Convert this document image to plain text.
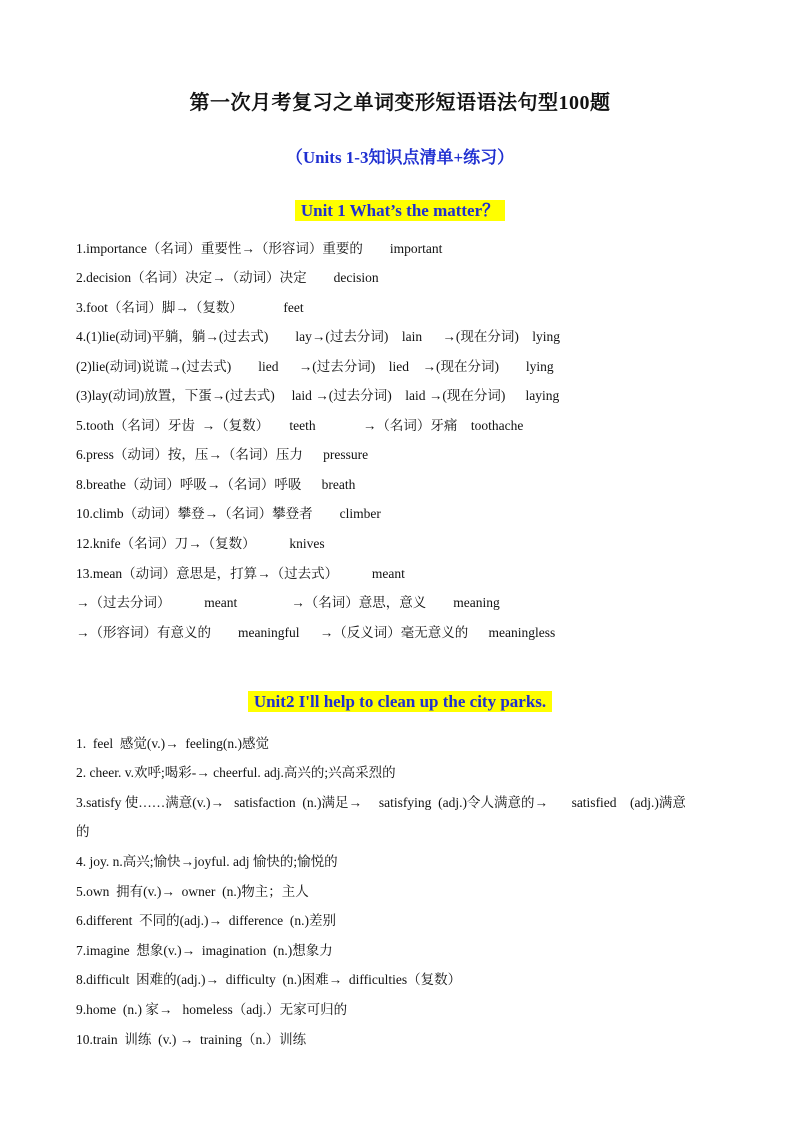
第一次月考复习之单词变形短语语法句型100题
（Units 1-3知识点清单+练习）
Unit 1 What’s the matter？
1.importance（名词）重要性→（形容词）重要的        important
2.decision（名词）决定→（动词）决定        decision
3.foot（名词）脚→（复数）            feet
4.(1)lie(动词)平躺，躺→(过去式)        lay→(过去分词)    lain      →(现在分词)    lying
(2)lie(动词)说谎→(过去式)        lied      →(过去分词)    lied    →(现在分词)        lying
(3)lay(动词)放置，下蛋→(过去式)     laid →(过去分词)    laid →(现在分词)      laying
5.tooth（名词）牙齿  →（复数）      teeth              →（名词）牙痛    toothache
6.press（动词）按，压→（名词）压力      pressure
8.breathe（动词）呼吸→（名词）呼吸      breath
10.climb（动词）攀登→（名词）攀登者        climber
12.knife（名词）刀→（复数）          knives
13.mean（动词）意思是，打算→（过去式）          meant
→（过去分词）          meant                →（名词）意思，意义        meaning
→（形容词）有意义的        meaningful      →（反义词）毫无意义的      meaningless
Unit2 I'll help to clean up the city parks.
1.  feel  感觉(v.)→  feeling(n.)感觉
2. cheer. v.欢呼;喝彩-→ cheerful. adj.高兴的;兴高采烈的
3.satisfy 使……满意(v.)→   satisfaction  (n.)满足→     satisfying  (adj.)令人满意的→       satisfied    (adj.)满意
的
4. joy. n.高兴;愉快→joyful. adj 愉快的;愉悦的
5.own  拥有(v.)→  owner  (n.)物主；主人
6.different  不同的(adj.)→  difference  (n.)差别
7.imagine  想象(v.)→  imagination  (n.)想象力
8.difficult  困难的(adj.)→  difficulty  (n.)困难→  difficulties（复数）
9.home  (n.) 家→   homeless（adj.）无家可归的
10.train  训练  (v.) →  training（n.）训练
